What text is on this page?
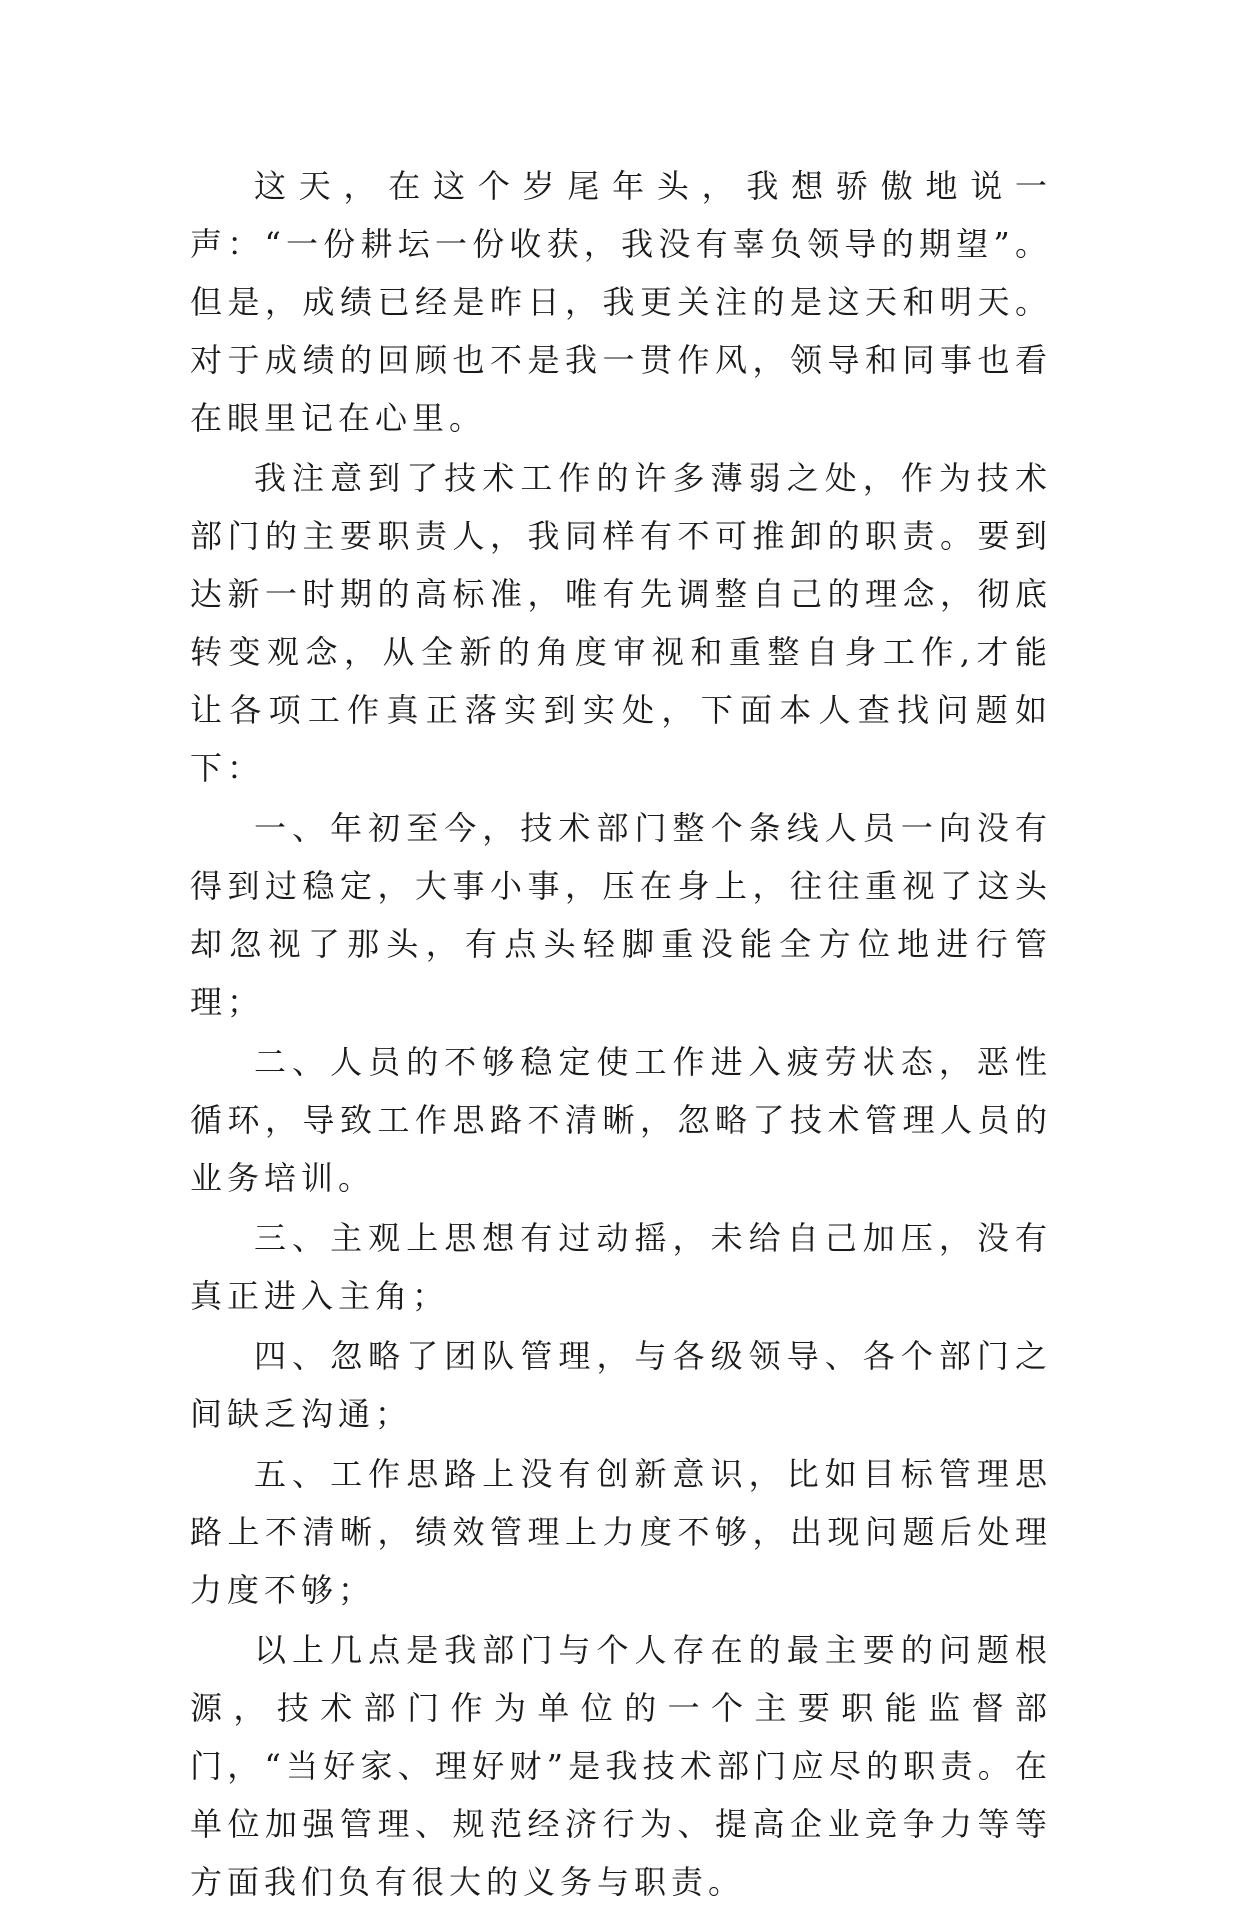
这天，在这个岁尾年头，我想骄傲地说一声：“一份耕坛一份收获，我没有辜负领导的期望”。但是，成绩已经是昨日，我更关注的是这天和明天。对于成绩的回顾也不是我一贯作风，领导和同事也看在眼里记在心里。

我注意到了技术工作的许多薄弱之处，作为技术部门的主要职责人，我同样有不可推卸的职责。要到达新一时期的高标准，唯有先调整自己的理念，彻底转变观念，从全新的角度审视和重整自身工作,才能让各项工作真正落实到实处，下面本人查找问题如下：

一、年初至今，技术部门整个条线人员一向没有得到过稳定，大事小事，压在身上，往往重视了这头却忽视了那头，有点头轻脚重没能全方位地进行管理；

二、人员的不够稳定使工作进入疲劳状态，恶性循环，导致工作思路不清晰，忽略了技术管理人员的业务培训。

三、主观上思想有过动摇，未给自己加压，没有真正进入主角；

四、忽略了团队管理，与各级领导、各个部门之间缺乏沟通；

五、工作思路上没有创新意识，比如目标管理思路上不清晰，绩效管理上力度不够，出现问题后处理力度不够；

以上几点是我部门与个人存在的最主要的问题根源，技术部门作为单位的一个主要职能监督部门，“当好家、理好财”是我技术部门应尽的职责。在单位加强管理、规范经济行为、提高企业竞争力等等方面我们负有很大的义务与职责。
